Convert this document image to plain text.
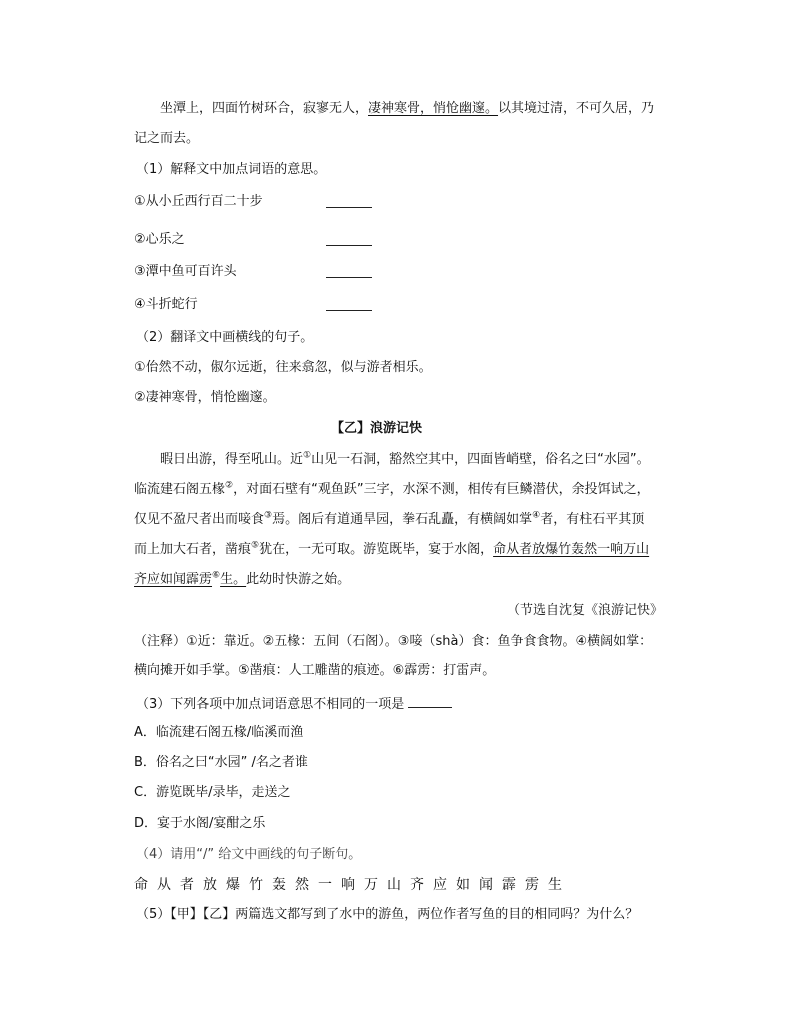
坐潭上，四面竹树环合，寂寥无人，凄神寒骨，悄怆幽邃。以其境过清，不可久居，乃
记之而去。
（1）解释文中加点词语的意思。
①从小丘西行百二十步
②心乐之
③潭中鱼可百许头
④斗折蛇行
（2）翻译文中画横线的句子。
①佁然不动，俶尔远逝，往来翕忽，似与游者相乐。
②凄神寒骨，悄怆幽邃。
【乙】浪游记快
暇日出游，得至吼山。近①山见一石洞，豁然空其中，四面皆峭壁，俗名之曰“水园”。
临流建石阁五椽②，对面石壁有“观鱼跃”三字，水深不测，相传有巨鳞潜伏，余投饵试之，
仅见不盈尺者出而唼食③焉。阁后有道通旱园，拳石乱矗，有横阔如掌④者，有柱石平其顶
而上加大石者，凿痕⑤犹在，一无可取。游览既毕，宴于水阁，命从者放爆竹轰然一响万山
齐应如闻霹雳⑥生。此幼时快游之始。
（节选自沈复《浪游记快》
（注释）①近：靠近。②五椽：五间（石阁）。③唼（shà）食：鱼争食食物。④横阔如掌：
横向摊开如手掌。⑤凿痕：人工雕凿的痕迹。⑥霹雳：打雷声。
（3）下列各项中加点词语意思不相同的一项是
A．临流建石阁五椽/临溪而渔
B．俗名之曰“水园” /名之者谁
C．游览既毕/录毕，走送之
D．宴于水阁/宴酣之乐
（4）请用“/” 给文中画线的句子断句。
命从者放爆竹轰然一响万山齐应如闻霹雳生
（5）【甲】【乙】两篇选文都写到了水中的游鱼，两位作者写鱼的目的相同吗？为什么？
